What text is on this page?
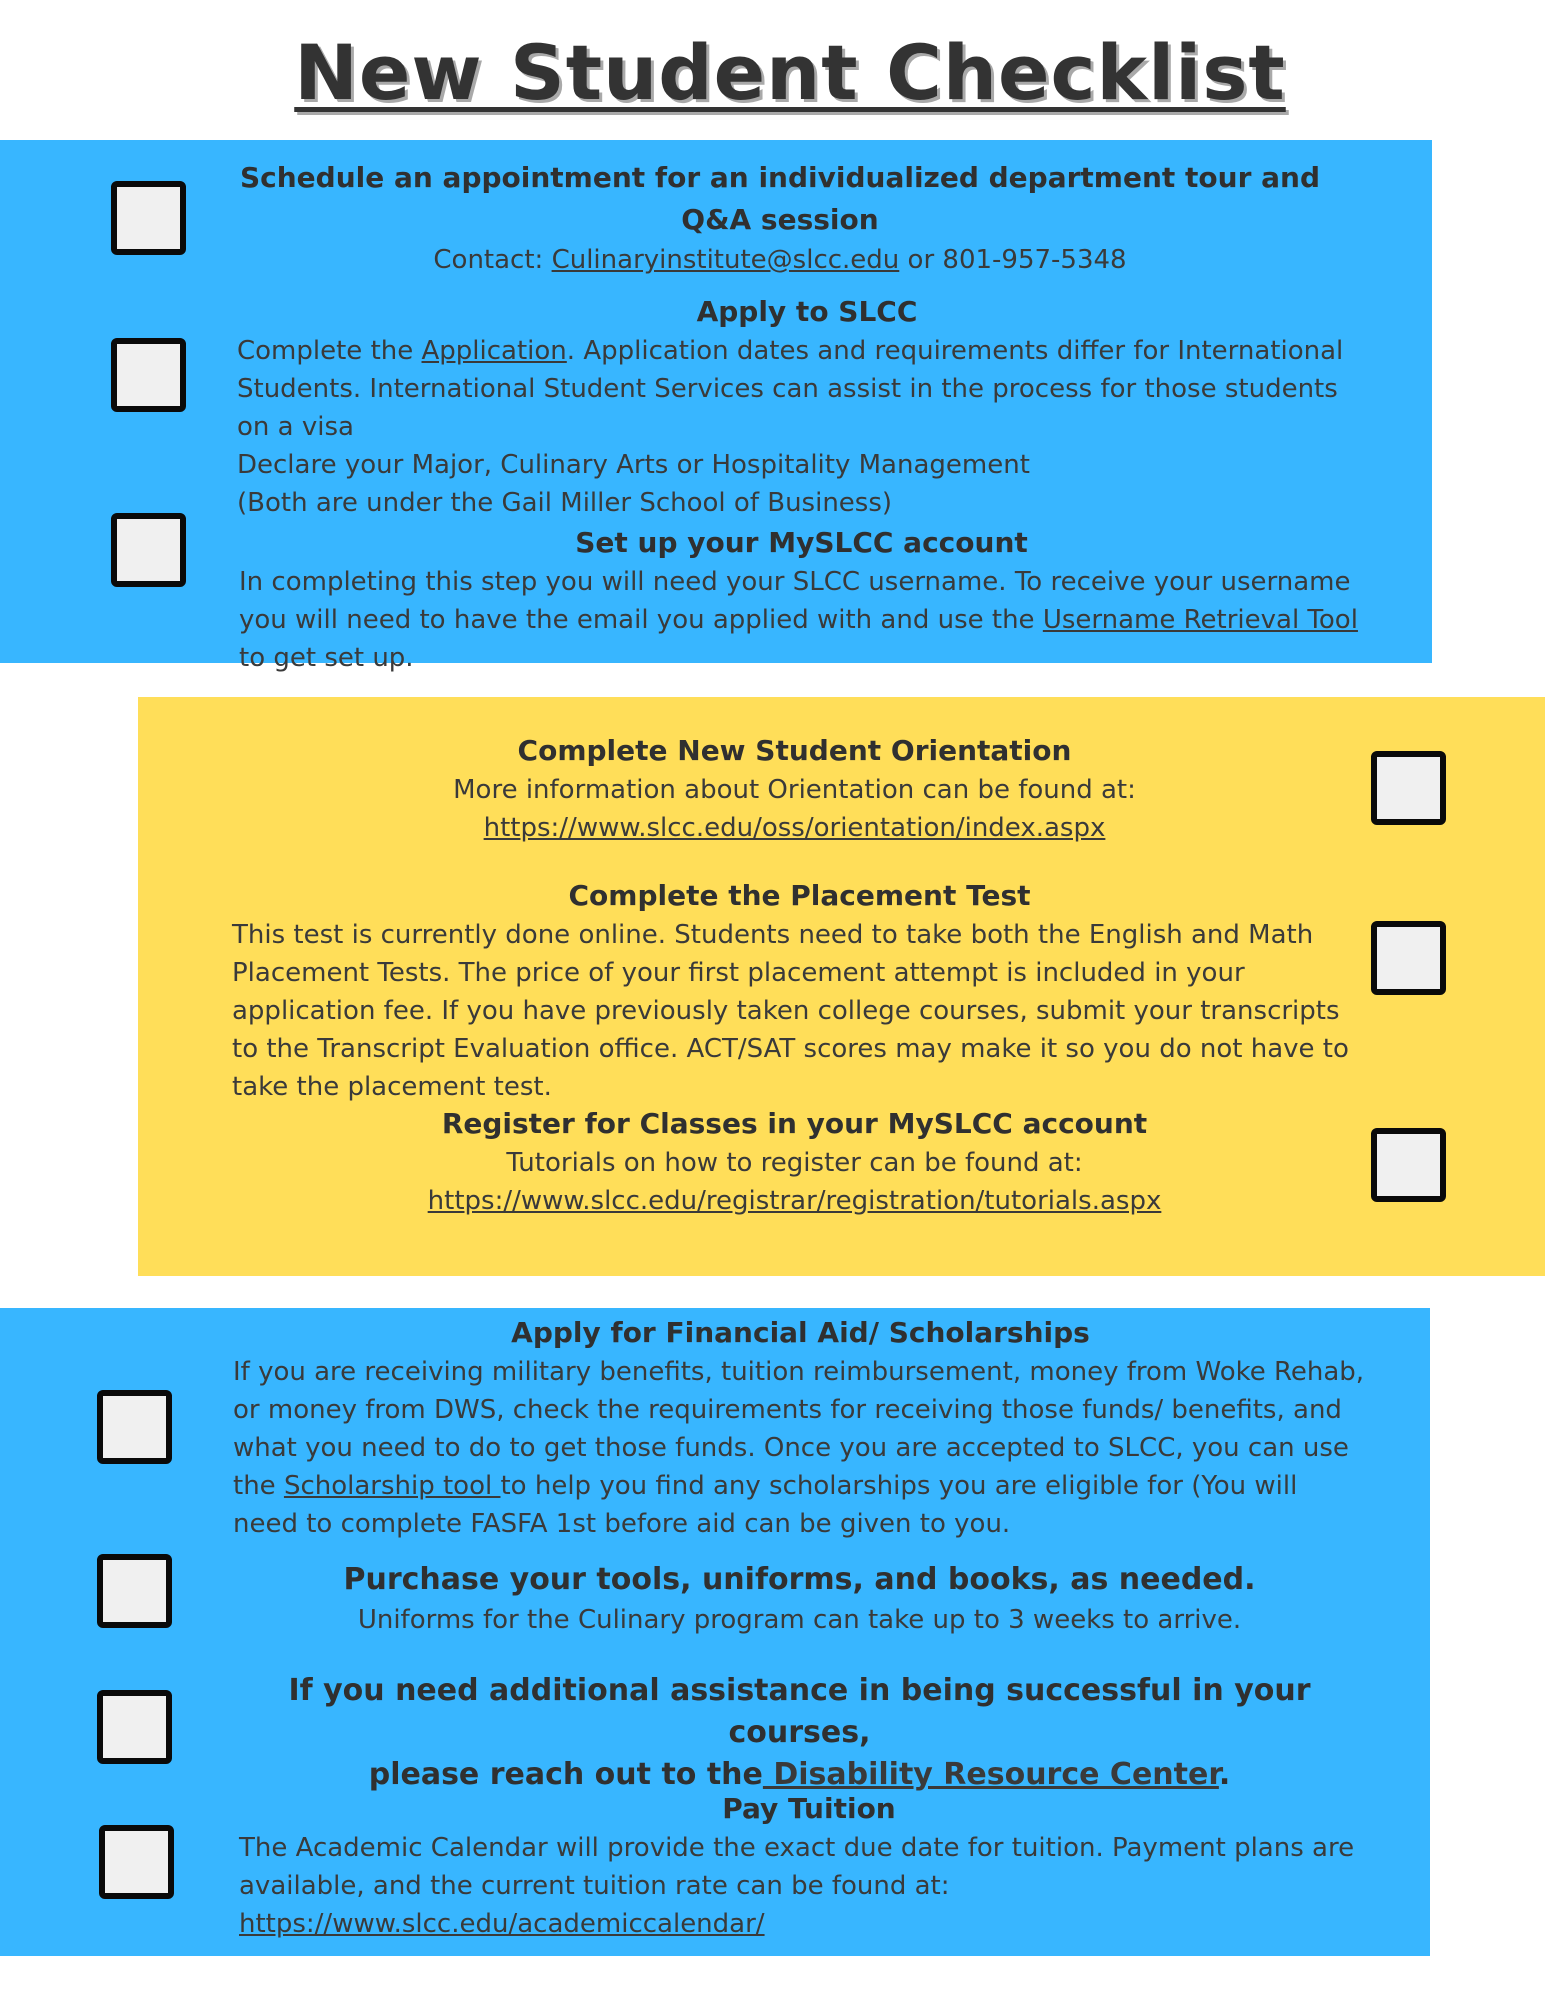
New Student Checklist
Schedule an appointment for an individualized department tour and Q&A session
Contact: Culinaryinstitute@slcc.edu or 801-957-5348
Apply to SLCC
Complete the Application. Application dates and requirements differ for International Students. International Student Services can assist in the process for those students on a visa
Declare your Major, Culinary Arts or Hospitality Management
(Both are under the Gail Miller School of Business)
Set up your MySLCC account
In completing this step you will need your SLCC username. To receive your username you will need to have the email you applied with and use the Username Retrieval Tool to get set up.
Complete New Student Orientation
More information about Orientation can be found at:
https://www.slcc.edu/oss/orientation/index.aspx
Complete the Placement Test
This test is currently done online. Students need to take both the English and Math Placement Tests. The price of your first placement attempt is included in your application fee. If you have previously taken college courses, submit your transcripts to the Transcript Evaluation office. ACT/SAT scores may make it so you do not have to take the placement test.
Register for Classes in your MySLCC account
Tutorials on how to register can be found at:
https://www.slcc.edu/registrar/registration/tutorials.aspx
Apply for Financial Aid/ Scholarships
If you are receiving military benefits, tuition reimbursement, money from Woke Rehab, or money from DWS, check the requirements for receiving those funds/ benefits, and what you need to do to get those funds. Once you are accepted to SLCC, you can use the Scholarship tool to help you find any scholarships you are eligible for (You will need to complete FASFA 1st before aid can be given to you.
Purchase your tools, uniforms, and books, as needed.
Uniforms for the Culinary program can take up to 3 weeks to arrive.
If you need additional assistance in being successful in your courses,
please reach out to the Disability Resource Center.
Pay Tuition
The Academic Calendar will provide the exact due date for tuition. Payment plans are available, and the current tuition rate can be found at: https://www.slcc.edu/academiccalendar/
